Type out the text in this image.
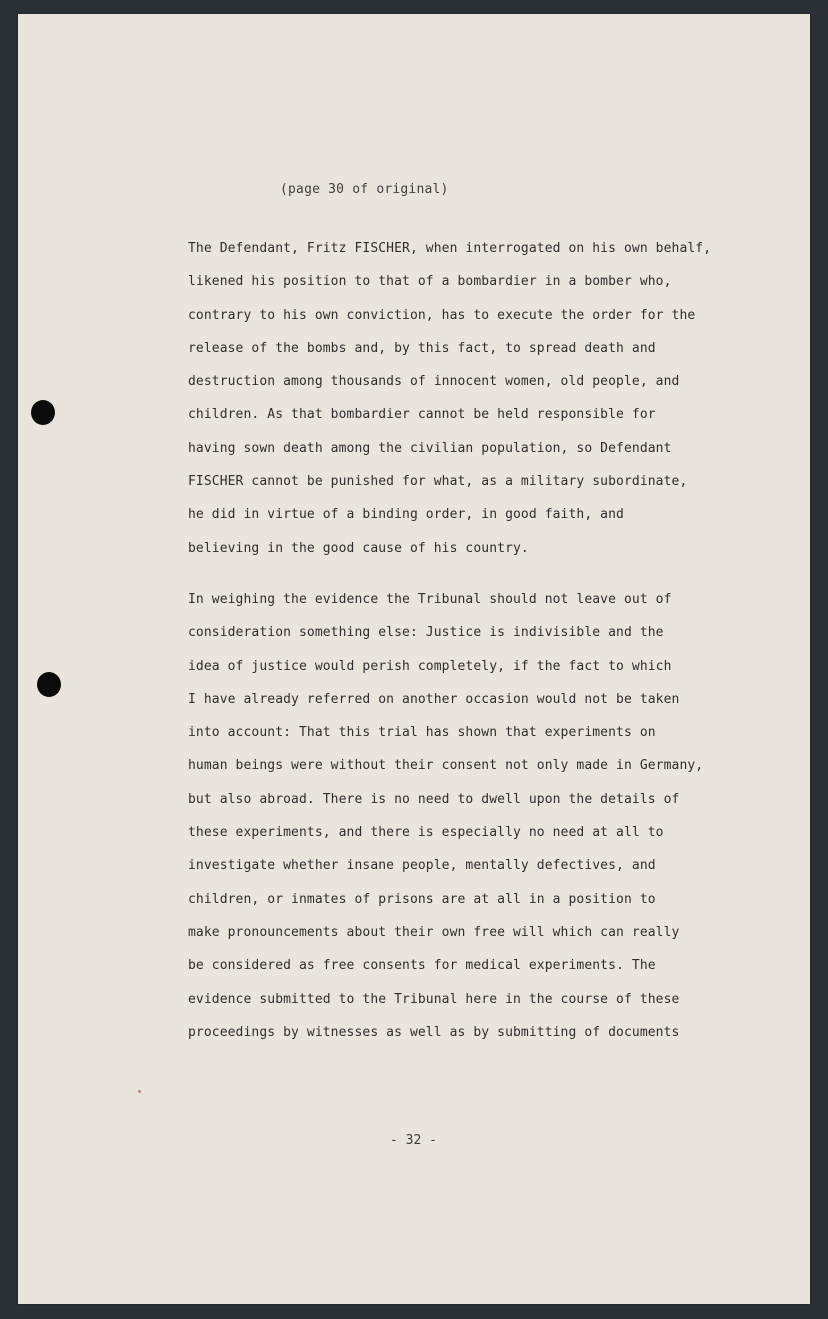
(page 30 of original)
The Defendant, Fritz FISCHER, when interrogated on his own behalf,
likened his position to that of a bombardier in a bomber who,
contrary to his own conviction, has to execute the order for the
release of the bombs and, by this fact, to spread death and
destruction among thousands of innocent women, old people, and
children. As that bombardier cannot be held responsible for
having sown death among the civilian population, so Defendant
FISCHER cannot be punished for what, as a military subordinate,
he did in virtue of a binding order, in good faith, and
believing in the good cause of his country.
In weighing the evidence the Tribunal should not leave out of
consideration something else: Justice is indivisible and the
idea of justice would perish completely, if the fact to which
I have already referred on another occasion would not be taken
into account: That this trial has shown that experiments on
human beings were without their consent not only made in Germany,
but also abroad. There is no need to dwell upon the details of
these experiments, and there is especially no need at all to
investigate whether insane people, mentally defectives, and
children, or inmates of prisons are at all in a position to
make pronouncements about their own free will which can really
be considered as free consents for medical experiments. The
evidence submitted to the Tribunal here in the course of these
proceedings by witnesses as well as by submitting of documents
- 32 -
